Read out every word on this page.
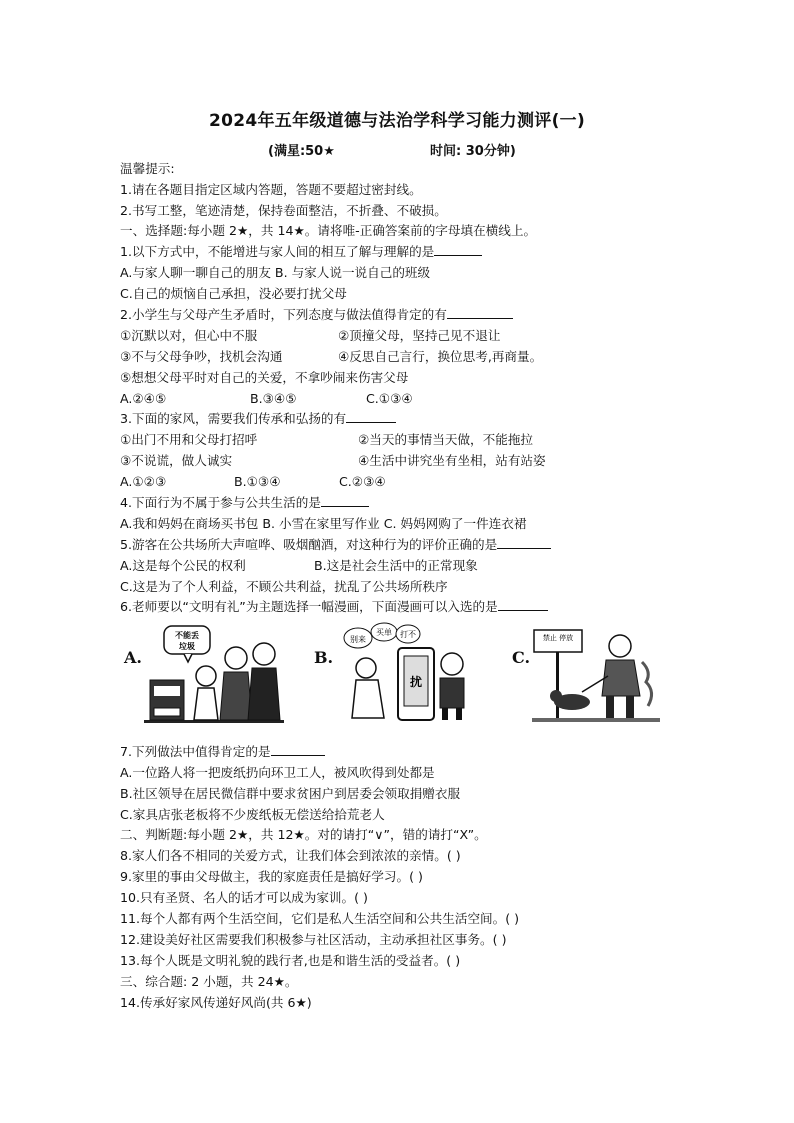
2024年五年级道德与法治学科学习能力测评(一)
(满星:50★	时间: 30分钟)
温馨提示:
1.请在各题目指定区域内答题，答题不要超过密封线。
2.书写工整，笔迹清楚，保持卷面整洁，不折叠、不破损。
一、选择题:每小题 2★，共 14★。请将唯-正确答案前的字母填在横线上。
1.以下方式中，不能增进与家人间的相互了解与理解的是
A.与家人聊一聊自己的朋友 B. 与家人说一说自己的班级
C.自己的烦恼自己承担，没必要打扰父母
2.小学生与父母产生矛盾时，下列态度与做法值得肯定的有
①沉默以对，但心中不服	②顶撞父母，坚持己见不退让
③不与父母争吵，找机会沟通	④反思自己言行，换位思考,再商量。
⑤想想父母平时对自己的关爱，不拿吵闹来伤害父母
A.②④⑤	B.③④⑤	C.①③④
3.下面的家风，需要我们传承和弘扬的有
①出门不用和父母打招呼	②当天的事情当天做，不能拖拉
③不说谎，做人诚实	④生活中讲究坐有坐相，站有站姿
A.①②③	B.①③④	C.②③④
4.下面行为不属于参与公共生活的是
A.我和妈妈在商场买书包 B. 小雪在家里写作业 C. 妈妈网购了一件连衣裙
5.游客在公共场所大声喧哗、吸烟酗酒，对这种行为的评价正确的是
A.这是每个公民的权利	B.这是社会生活中的正常现象
C.这是为了个人利益，不顾公共利益，扰乱了公共场所秩序
6.老师要以“文明有礼”为主题选择一幅漫画，下面漫画可以入选的是
A.
不能丢
垃圾
B.
别来
买单 打不
扰
C.
禁止 停放
7.下列做法中值得肯定的是
A.一位路人将一把废纸扔向环卫工人，被风吹得到处都是
B.社区领导在居民微信群中要求贫困户到居委会领取捐赠衣服
C.家具店张老板将不少废纸板无偿送给拾荒老人
二、判断题:每小题 2★，共 12★。对的请打“∨”，错的请打“X”。
8.家人们各不相同的关爱方式，让我们体会到浓浓的亲情。( )
9.家里的事由父母做主，我的家庭责任是搞好学习。( )
10.只有圣贤、名人的话才可以成为家训。( )
11.每个人都有两个生活空间，它们是私人生活空间和公共生活空间。( )
12.建设美好社区需要我们积极参与社区活动，主动承担社区事务。( )
13.每个人既是文明礼貌的践行者,也是和谐生活的受益者。( )
三、综合题: 2 小题，共 24★。
14.传承好家风传递好风尚(共 6★)
